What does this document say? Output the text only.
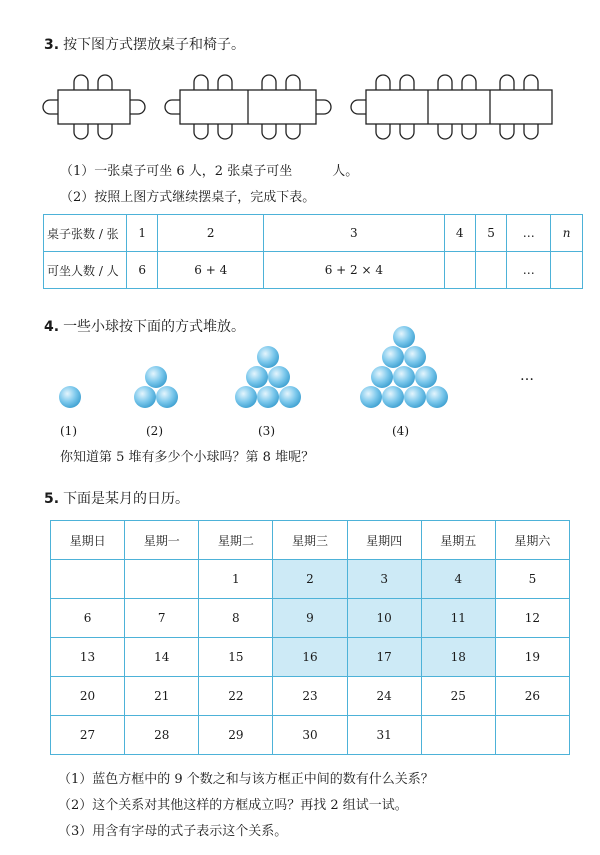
3. 按下图方式摆放桌子和椅子。
（1）一张桌子可坐 6 人，2 张桌子可坐	人。
（2）按照上图方式继续摆桌子，完成下表。
桌子张数 / 张	1	2	3	4	5	…	n
可坐人数 / 人	6	6 + 4	6 + 2 × 4			…	
4. 一些小球按下面的方式堆放。
(1)	(2)	(3)	(4)
…
你知道第 5 堆有多少个小球吗？第 8 堆呢？
5. 下面是某月的日历。
星期日	星期一	星期二	星期三	星期四	星期五	星期六
		1	2	3	4	5
6	7	8	9	10	11	12
13	14	15	16	17	18	19
20	21	22	23	24	25	26
27	28	29	30	31		
（1）蓝色方框中的 9 个数之和与该方框正中间的数有什么关系？
（2）这个关系对其他这样的方框成立吗？再找 2 组试一试。
（3）用含有字母的式子表示这个关系。
